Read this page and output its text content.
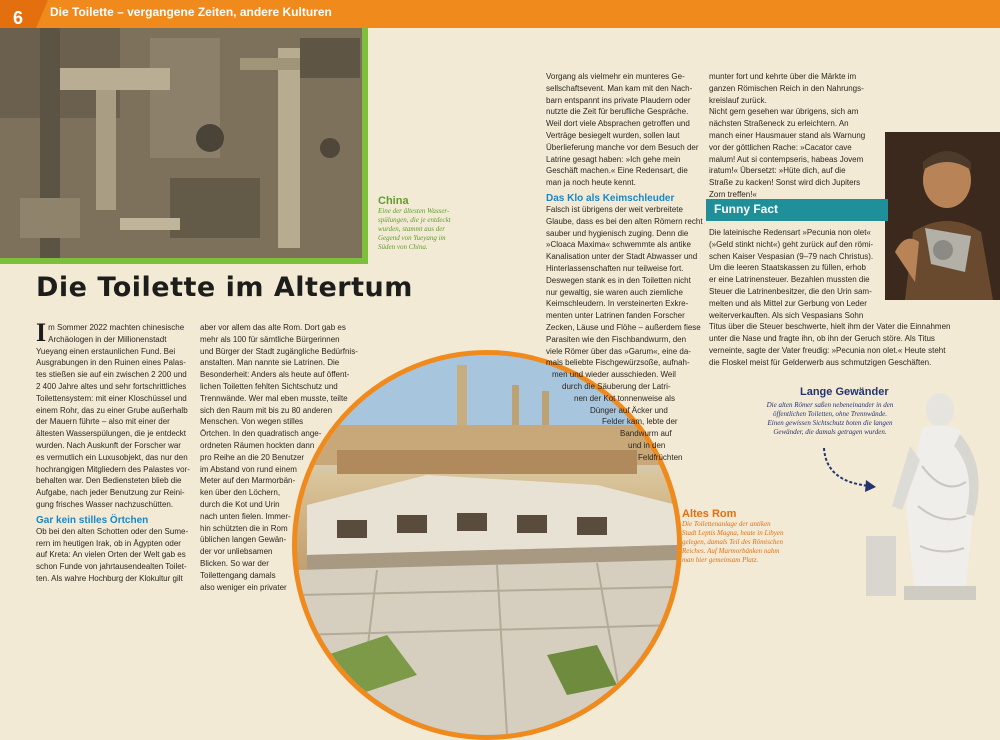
6	Die Toilette – vergangene Zeiten, andere Kulturen
China
Eine der ältesten Wasser-
spülungen, die je entdeckt
wurden, stammt aus der
Gegend von Yueyang im
Süden von China.
Die Toilette im Altertum
I m Sommer 2022 machten chinesische
Archäologen in der Millionenstadt
Yueyang einen erstaunlichen Fund. Bei
Ausgrabungen in den Ruinen eines Palas-
tes stießen sie auf ein zwischen 2 200 und
2 400 Jahre altes und sehr fortschrittliches
Toilettensystem: mit einer Kloschüssel und
einem Rohr, das zu einer Grube außerhalb
der Mauern führte – also mit einer der
ältesten Wasserspülungen, die je entdeckt
wurden. Nach Auskunft der Forscher war
es vermutlich ein Luxusobjekt, das nur den
hochrangigen Mitgliedern des Palastes vor-
behalten war. Den Bediensteten blieb die
Aufgabe, nach jeder Benutzung zur Reini-
gung frisches Wasser nachzuschütten.
Gar kein stilles Örtchen
Ob bei den alten Schotten oder den Sume-
rern im heutigen Irak, ob in Ägypten oder
auf Kreta: An vielen Orten der Welt gab es
schon Funde von jahrtausendealten Toilet-
ten. Als wahre Hochburg der Klokultur gilt
aber vor allem das alte Rom. Dort gab es
mehr als 100 für sämtliche Bürgerinnen
und Bürger der Stadt zugängliche Bedürfnis-
anstalten. Man nannte sie Latrinen. Die
Besonderheit: Anders als heute auf öffent-
lichen Toiletten fehlten Sichtschutz und
Trennwände. Wer mal eben musste, teilte
sich den Raum mit bis zu 80 anderen
Menschen. Von wegen stilles
Örtchen. In den quadratisch ange-
ordneten Räumen hockten dann
pro Reihe an die 20 Benutzer
im Abstand von rund einem
Meter auf den Marmorbän-
ken über den Löchern,
durch die Kot und Urin
nach unten fielen. Immer-
hin schützten die in Rom
üblichen langen Gewän-
der vor unliebsamen
Blicken. So war der
Toilettengang damals
also weniger ein privater
Vorgang als vielmehr ein munteres Ge-
sellschaftsevent. Man kam mit den Nach-
barn entspannt ins private Plaudern oder
nutzte die Zeit für berufliche Gespräche.
Weil dort viele Absprachen getroffen und
Verträge besiegelt wurden, sollen laut
Überlieferung manche vor dem Besuch der
Latrine gesagt haben: »Ich gehe mein
Geschäft machen.« Eine Redensart, die
man ja noch heute kennt.
Das Klo als Keimschleuder
Falsch ist übrigens der weit verbreitete
Glaube, dass es bei den alten Römern recht
sauber und hygienisch zuging. Denn die
»Cloaca Maxima« schwemmte als antike
Kanalisation unter der Stadt Abwasser und
Hinterlassenschaften nur teilweise fort.
Deswegen stank es in den Toiletten nicht
nur gewaltig, sie waren auch ziemliche
Keimschleudern. In versteinerten Exkre-
menten unter Latrinen fanden Forscher
Zecken, Läuse und Flöhe – außerdem fiese
Parasiten wie den Fischbandwurm, den
viele Römer über das »Garum«, eine da-
mals beliebte Fischgewürzsoße, aufnah-
men und wieder ausschieden. Weil
durch die Säuberung der Latri-
nen der Kot tonnenweise als
Dünger auf Äcker und
Felder kam, lebte der
Bandwurm auf
und in den
Feldfrüchten
munter fort und kehrte über die Märkte im
ganzen Römischen Reich in den Nahrungs-
kreislauf zurück.
Nicht gern gesehen war übrigens, sich am
nächsten Straßeneck zu erleichtern. An
manch einer Hausmauer stand als Warnung
vor der göttlichen Rache: »Cacator cave
malum! Aut si contempseris, habeas Jovem
iratum!« Übersetzt: »Hüte dich, auf die
Straße zu kacken! Sonst wird dich Jupiters
Zorn treffen!«
Funny Fact
Die lateinische Redensart »Pecunia non olet«
(»Geld stinkt nicht«) geht zurück auf den römi-
schen Kaiser Vespasian (9–79 nach Christus).
Um die leeren Staatskassen zu füllen, erhob
er eine Latrinensteuer. Bezahlen mussten die
Steuer die Latrinenbesitzer, die den Urin sam-
melten und als Mittel zur Gerbung von Leder
weiterverkauften. Als sich Vespasians Sohn
Titus über die Steuer beschwerte, hielt ihm der Vater die Einnahmen
unter die Nase und fragte ihn, ob ihn der Geruch störe. Als Titus
verneinte, sagte der Vater freudig: »Pecunia non olet.« Heute steht
die Floskel meist für Gelderwerb aus schmutzigen Geschäften.
Lange Gewänder
Die alten Römer saßen nebeneinander in den
öffentlichen Toiletten, ohne Trennwände.
Einen gewissen Sichtschutz boten die langen
Gewänder, die damals getragen wurden.
Altes Rom
Die Toilettenanlage der antiken
Stadt Leptis Magna, heute in Libyen
gelegen, damals Teil des Römischen
Reiches. Auf Marmorbänken nahm
man hier gemeinsam Platz.
